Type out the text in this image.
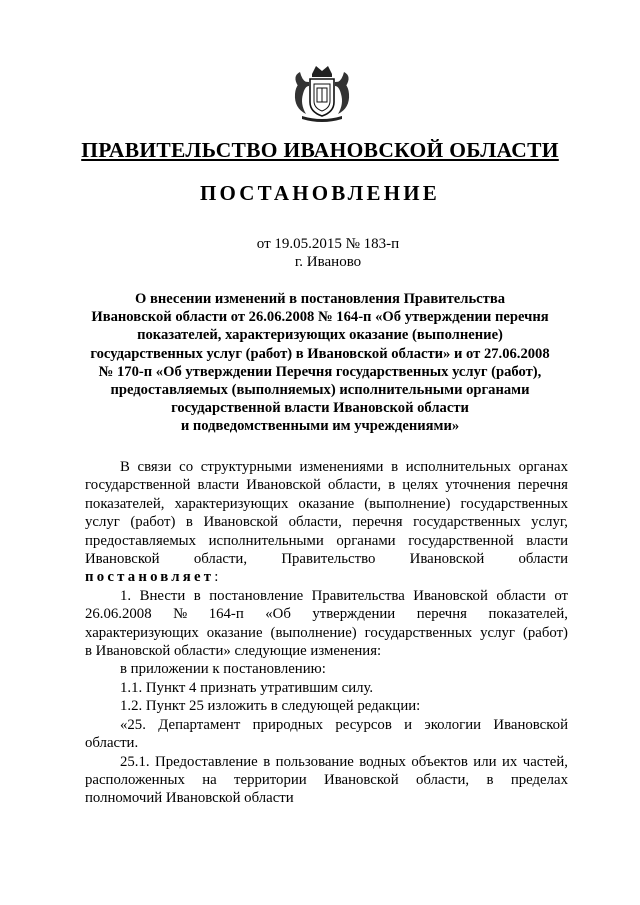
ПРАВИТЕЛЬСТВО ИВАНОВСКОЙ ОБЛАСТИ
ПОСТАНОВЛЕНИЕ
от 19.05.2015 № 183-п
г. Иваново
О внесении изменений в постановления Правительства
Ивановской области от 26.06.2008 № 164-п «Об утверждении перечня
показателей, характеризующих оказание (выполнение)
государственных услуг (работ) в Ивановской области» и от 27.06.2008
№ 170-п «Об утверждении Перечня государственных услуг (работ),
предоставляемых (выполняемых) исполнительными органами
государственной власти Ивановской области
и подведомственными им учреждениями»
В связи со структурными изменениями в исполнительных органах
государственной власти Ивановской области, в целях уточнения перечня
показателей, характеризующих оказание (выполнение) государственных
услуг (работ) в Ивановской области, перечня государственных услуг,
предоставляемых исполнительными органами государственной власти
Ивановской области, Правительство Ивановской области
постановляет:
1. Внести в постановление Правительства Ивановской области от
26.06.2008 № 164-п «Об утверждении перечня показателей,
характеризующих оказание (выполнение) государственных услуг (работ)
в Ивановской области» следующие изменения:
в приложении к постановлению:
1.1. Пункт 4 признать утратившим силу.
1.2. Пункт 25 изложить в следующей редакции:
«25. Департамент природных ресурсов и экологии Ивановской
области.
25.1. Предоставление в пользование водных объектов или их частей,
расположенных на территории Ивановской области, в пределах
полномочий Ивановской области
